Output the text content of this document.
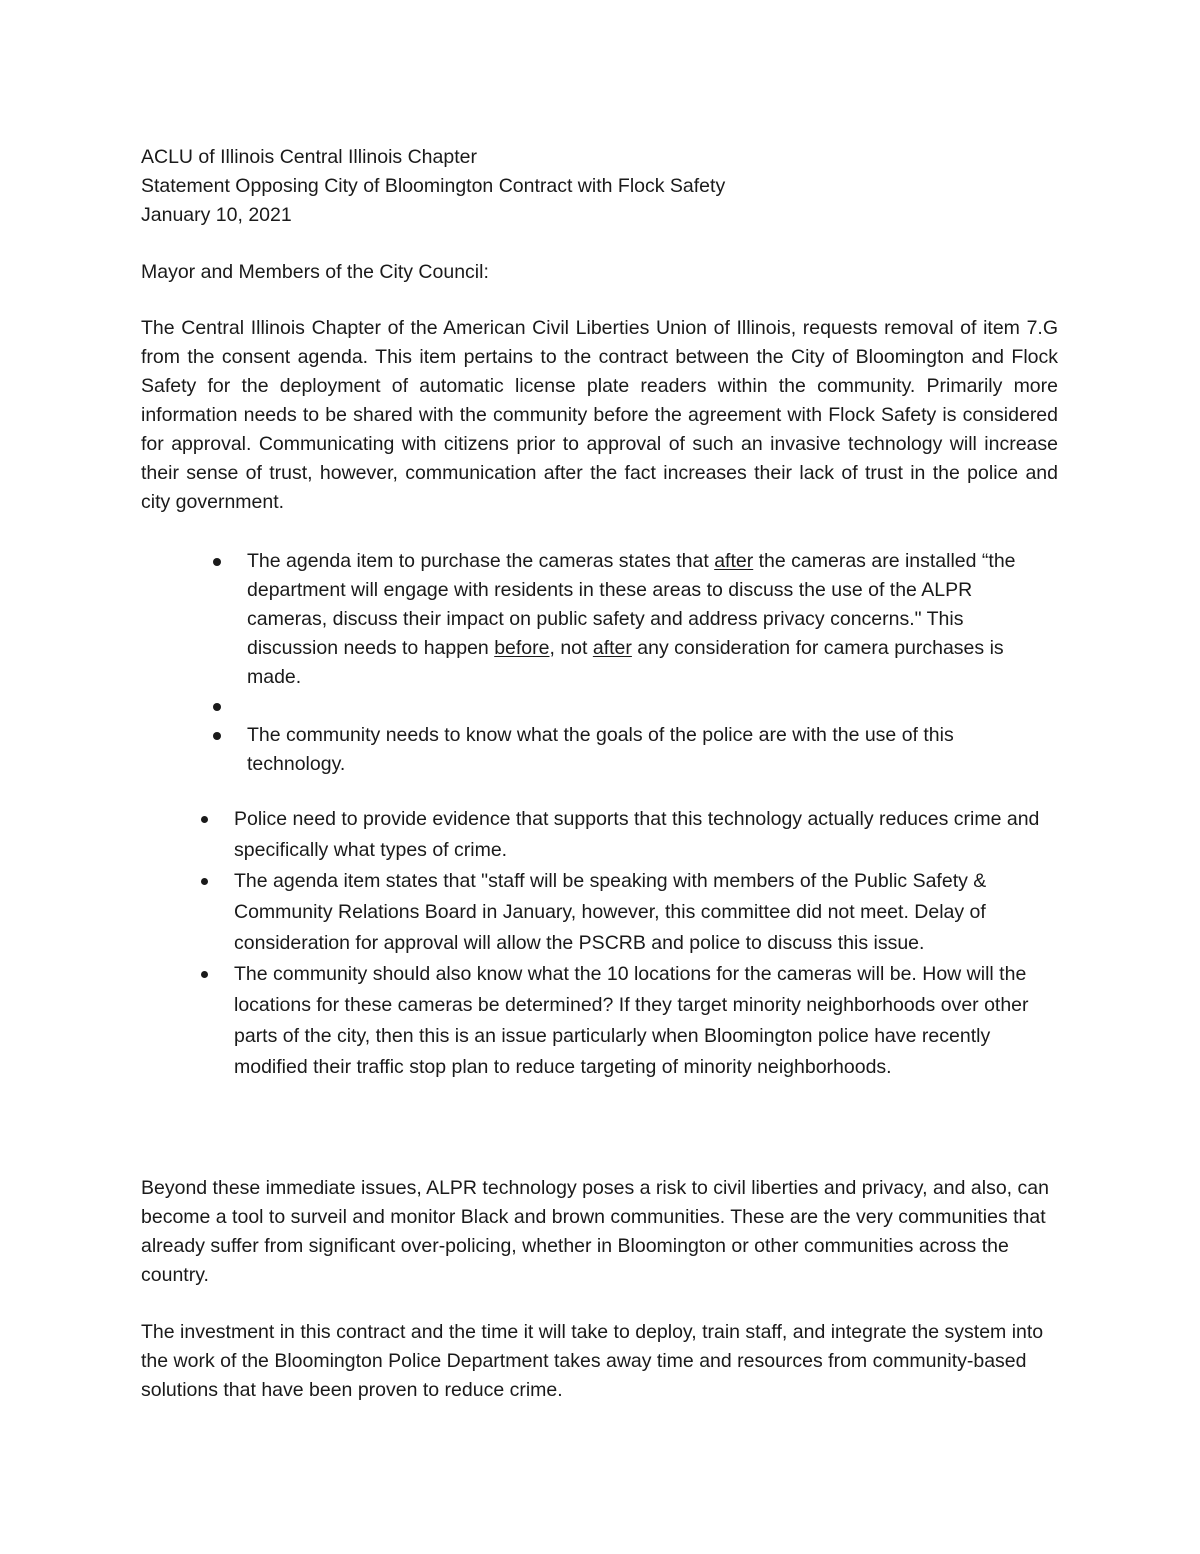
ACLU of Illinois Central Illinois Chapter
Statement Opposing City of Bloomington Contract with Flock Safety
January 10, 2021
Mayor and Members of the City Council:
The Central Illinois Chapter of the American Civil Liberties Union of Illinois, requests removal of item 7.G from the consent agenda. This item pertains to the contract between the City of Bloomington and Flock Safety for the deployment of automatic license plate readers within the community. Primarily more information needs to be shared with the community before the agreement with Flock Safety is considered for approval. Communicating with citizens prior to approval of such an invasive technology will increase their sense of trust, however, communication after the fact increases their lack of trust in the police and city government.
The agenda item to purchase the cameras states that after the cameras are installed “the department will engage with residents in these areas to discuss the use of the ALPR cameras, discuss their impact on public safety and address privacy concerns." This discussion needs to happen before, not after any consideration for camera purchases is made.
The community needs to know what the goals of the police are with the use of this technology.
Police need to provide evidence that supports that this technology actually reduces crime and specifically what types of crime.
The agenda item states that "staff will be speaking with members of the Public Safety & Community Relations Board in January, however, this committee did not meet. Delay of consideration for approval will allow the PSCRB and police to discuss this issue.
The community should also know what the 10 locations for the cameras will be. How will the locations for these cameras be determined? If they target minority neighborhoods over other parts of the city, then this is an issue particularly when Bloomington police have recently modified their traffic stop plan to reduce targeting of minority neighborhoods.
Beyond these immediate issues, ALPR technology poses a risk to civil liberties and privacy, and also, can become a tool to surveil and monitor Black and brown communities. These are the very communities that already suffer from significant over-policing, whether in Bloomington or other communities across the country.
The investment in this contract and the time it will take to deploy, train staff, and integrate the system into the work of the Bloomington Police Department takes away time and resources from community-based solutions that have been proven to reduce crime.
